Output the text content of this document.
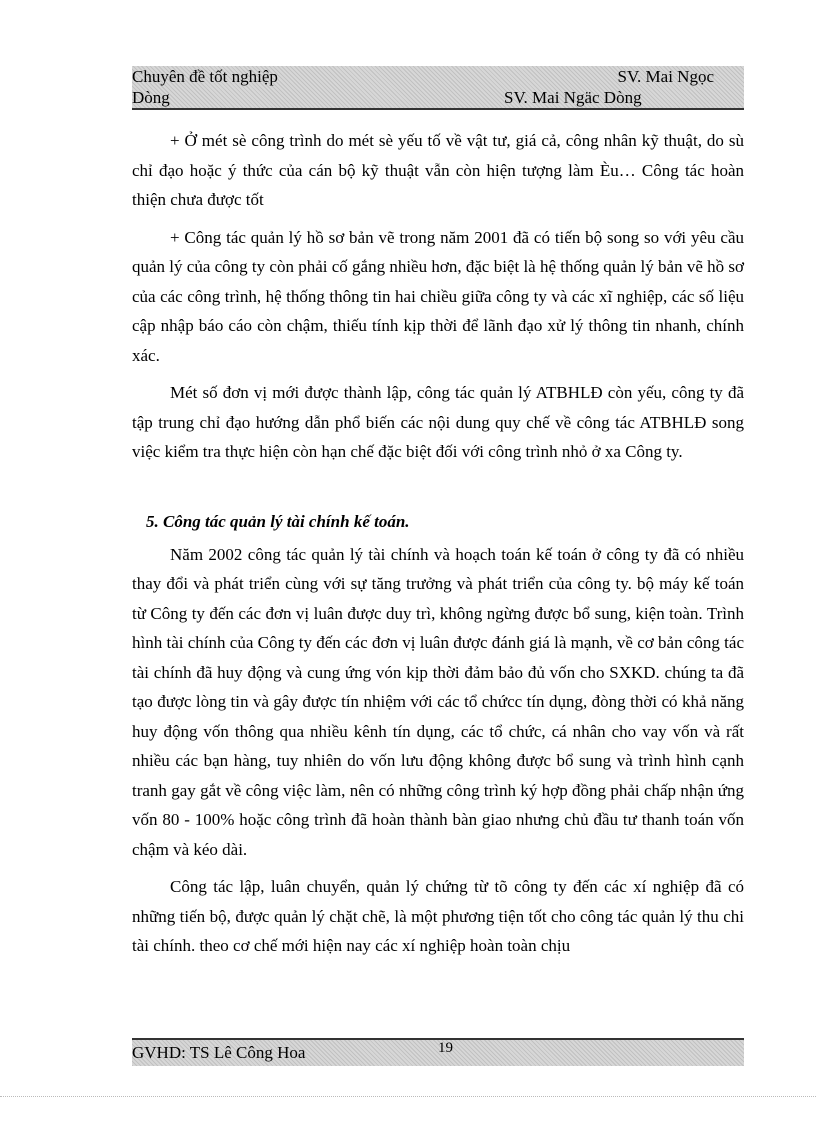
Chuyên đề tốt nghiệp	SV. Mai Ngọc
Dòng	SV. Mai Ngäc Dòng

+ Ở mét sè công trình do mét sè yếu tố về vật tư, giá cả, công nhân kỹ thuật, do sù chỉ đạo hoặc ý thức của cán bộ kỹ thuật vẫn còn hiện tượng làm Èu… Công tác hoàn thiện chưa được tốt

+ Công tác quản lý hồ sơ bản vẽ trong năm 2001 đã có tiến bộ song so với yêu cầu quản lý của công ty còn phải cố gắng nhiều hơn, đặc biệt là hệ thống quản lý bản vẽ hồ sơ của các công trình, hệ thống thông tin hai chiều giữa công ty và các xĩ nghiệp, các số liệu cập nhập báo cáo còn chậm, thiếu tính kịp thời để lãnh đạo xử lý thông tin nhanh, chính xác.

Mét số đơn vị mới được thành lập, công tác quản lý ATBHLĐ còn yếu, công ty đã tập trung chỉ đạo hướng dẫn phổ biến các nội dung quy chế về công tác ATBHLĐ song việc kiểm tra thực hiện còn hạn chế đặc biệt đối với công trình nhỏ ở xa Công ty.

5. Công tác quản lý tài chính kế toán.

Năm 2002 công tác quản lý tài chính và hoạch toán kế toán ở công ty đã có nhiều thay đổi và phát triển cùng với sự tăng trưởng và phát triển của công ty. bộ máy kế toán từ Công ty đến các đơn vị luân được duy trì, không ngừng được bổ sung, kiện toàn. Trình hình tài chính của Công ty đến các đơn vị luân được đánh giá là mạnh, về cơ bản công tác tài chính đã huy động và cung ứng vón kịp thời đảm bảo đủ vốn cho SXKD. chúng ta đã tạo được lòng tin và gây được tín nhiệm với các tổ chứcc tín dụng, đòng thời có khả năng huy động vốn thông qua nhiều kênh tín dụng, các tổ chức, cá nhân cho vay vốn và rất nhiều các bạn hàng, tuy nhiên do vốn lưu động không được bổ sung và trình hình cạnh tranh gay gắt về công việc làm, nên có những công trình ký hợp đồng phải chấp nhận ứng vốn 80 - 100% hoặc công trình đã hoàn thành bàn giao nhưng chủ đầu tư thanh toán vốn chậm và kéo dài.

Công tác lập, luân chuyển, quản lý chứng từ tõ công ty đến các xí nghiệp đã có những tiến bộ, được quản lý chặt chẽ, là một phương tiện tốt cho công tác quản lý thu chi tài chính. theo cơ chế mới hiện nay các xí nghiệp hoàn toàn chịu

GVHD: TS Lê Công Hoa	19
